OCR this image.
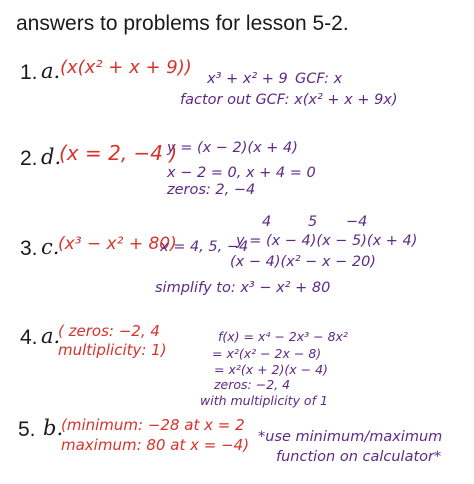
answers to problems for lesson 5-2.
1. a. (x(x² + x + 9))
x³ + x² + 9 GCF: x
factor out GCF: x(x² + x + 9x)
2. d.
(x = 2, −4 )
y = (x − 2)(x + 4)
x − 2 = 0, x + 4 = 0
zeros: 2, −4
3. c.
(x³ − x² + 80)
4	5 −4
x = 4, 5, −4
y = (x − 4)(x − 5)(x + 4)
(x − 4)(x² − x − 20)
simplify to: x³ − x² + 80
4. a.
( zeros: −2, 4
multiplicity: 1)
f(x) = x⁴ − 2x³ − 8x²
= x²(x² − 2x − 8)
= x²(x + 2)(x − 4)
zeros: −2, 4
with multiplicity of 1
5. b.
(minimum: −28 at x = 2
maximum: 80 at x = −4) *use minimum/maximum
function on calculator*
